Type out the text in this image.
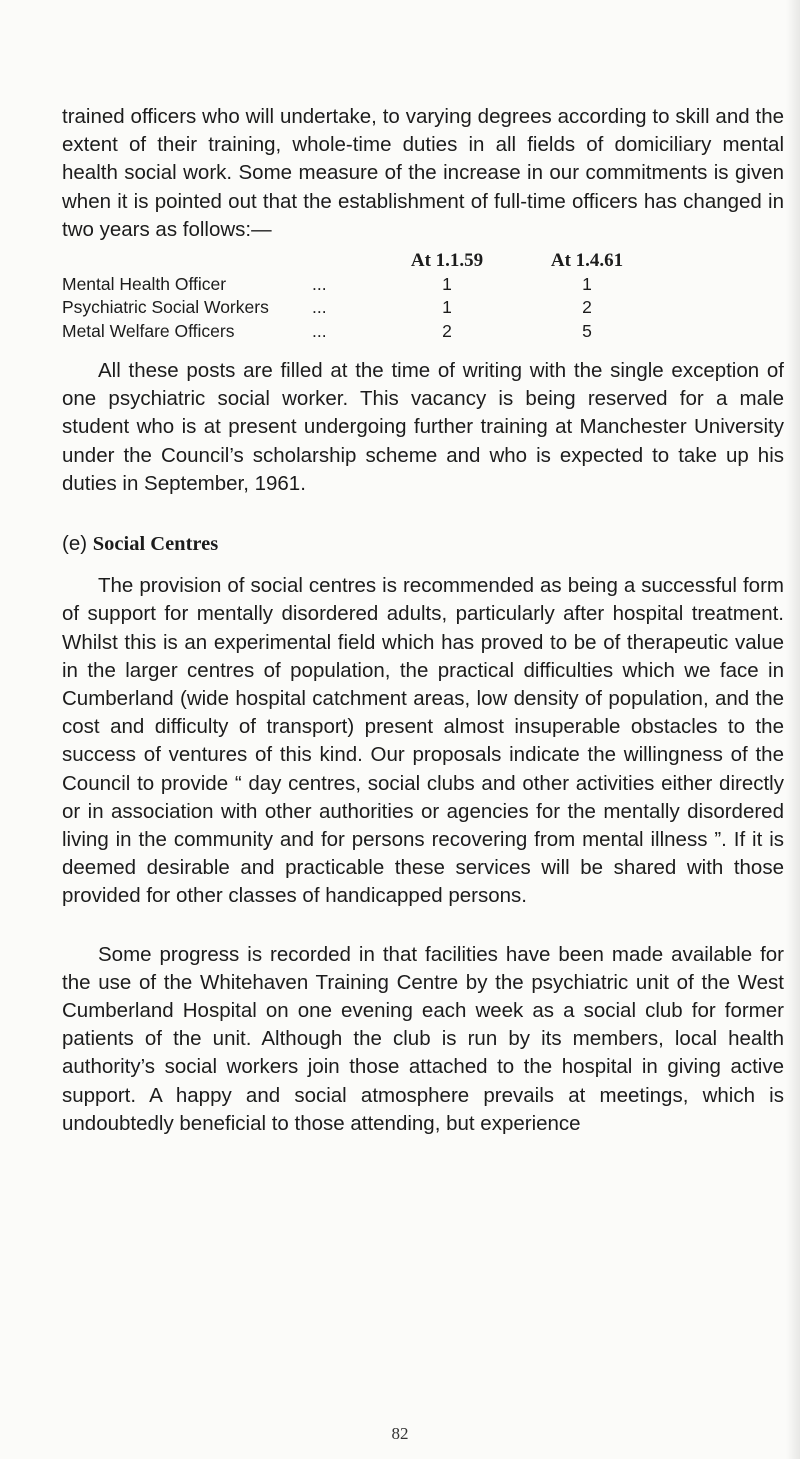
trained officers who will undertake, to varying degrees according to skill and the extent of their training, whole-time duties in all fields of domiciliary mental health social work. Some measure of the increase in our commitments is given when it is pointed out that the establishment of full-time officers has changed in two years as follows:—

		At 1.1.59	At 1.4.61
Mental Health Officer	...	1	1
Psychiatric Social Workers	...	1	2
Metal Welfare Officers	...	2	5

All these posts are filled at the time of writing with the single exception of one psychiatric social worker. This vacancy is being reserved for a male student who is at present undergoing further training at Manchester University under the Council’s scholarship scheme and who is expected to take up his duties in September, 1961.

(e) Social Centres

The provision of social centres is recommended as being a successful form of support for mentally disordered adults, particularly after hospital treatment. Whilst this is an experimental field which has proved to be of therapeutic value in the larger centres of population, the practical difficulties which we face in Cumberland (wide hospital catchment areas, low density of population, and the cost and difficulty of transport) present almost insuperable obstacles to the success of ventures of this kind. Our proposals indicate the willingness of the Council to provide “ day centres, social clubs and other activities either directly or in association with other authorities or agencies for the mentally disordered living in the community and for persons recovering from mental illness ”. If it is deemed desirable and practicable these services will be shared with those provided for other classes of handicapped persons.

Some progress is recorded in that facilities have been made available for the use of the Whitehaven Training Centre by the psychiatric unit of the West Cumberland Hospital on one evening each week as a social club for former patients of the unit. Although the club is run by its members, local health authority’s social workers join those attached to the hospital in giving active support. A happy and social atmosphere prevails at meetings, which is undoubtedly beneficial to those attending, but experience

82
